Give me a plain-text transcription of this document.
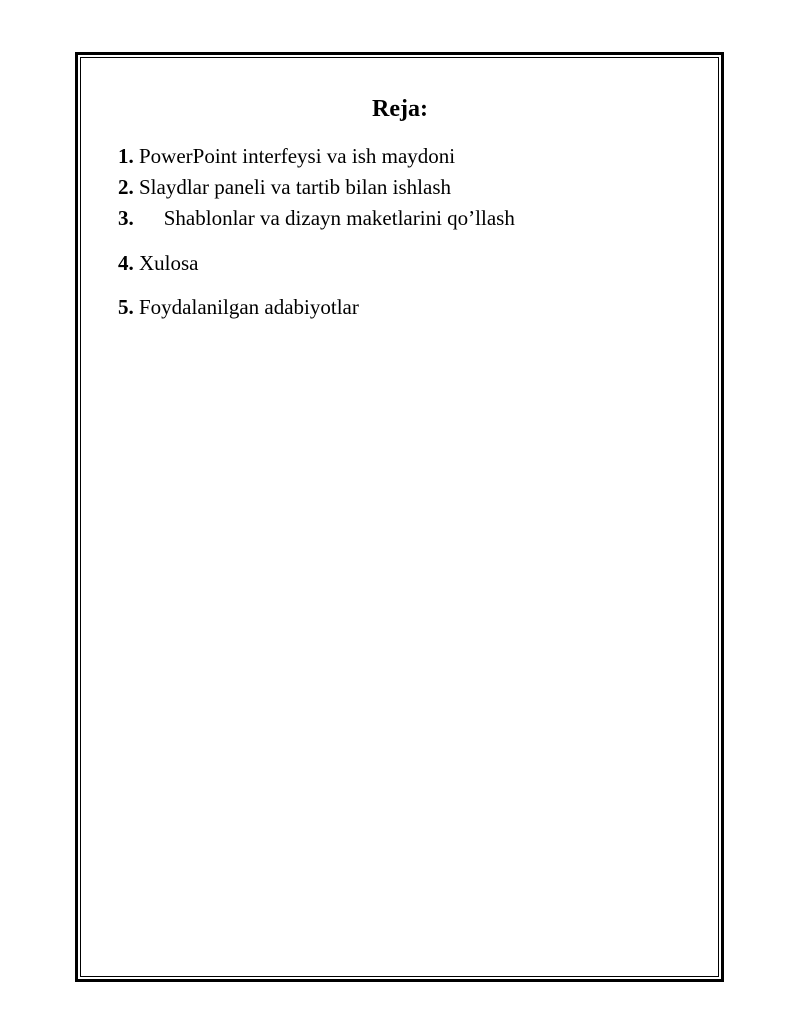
Reja:
1. PowerPoint interfeysi va ish maydoni
2. Slaydlar paneli va tartib bilan ishlash
3. Shablonlar va dizayn maketlarini qo’llash
4. Xulosa
5. Foydalanilgan adabiyotlar
